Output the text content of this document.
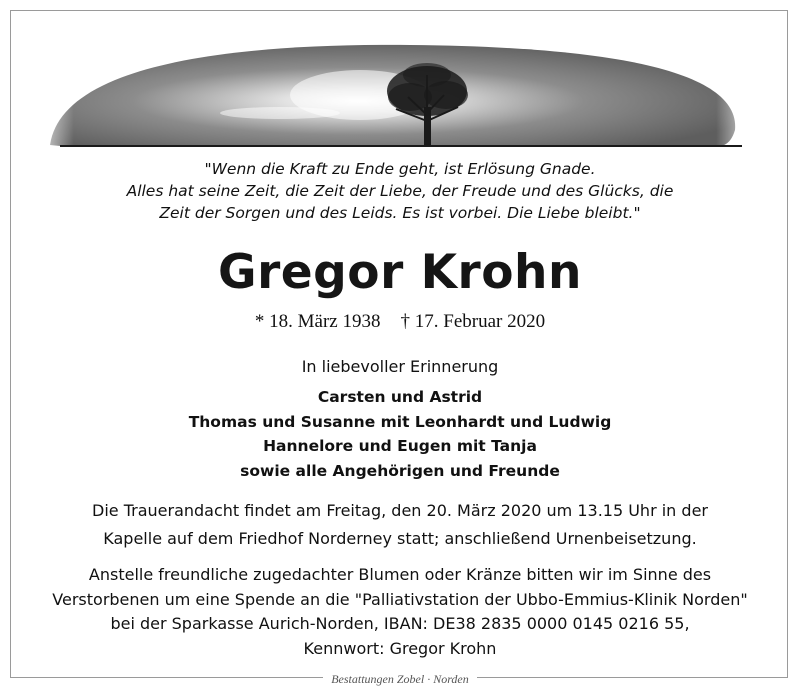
"Wenn die Kraft zu Ende geht, ist Erlösung Gnade.
Alles hat seine Zeit, die Zeit der Liebe, der Freude und des Glücks, die
Zeit der Sorgen und des Leids. Es ist vorbei. Die Liebe bleibt."
Gregor Krohn
* 18. März 1938 † 17. Februar 2020
In liebevoller Erinnerung
Carsten und Astrid
Thomas und Susanne mit Leonhardt und Ludwig
Hannelore und Eugen mit Tanja
sowie alle Angehörigen und Freunde
Die Trauerandacht findet am Freitag, den 20. März 2020 um 13.15 Uhr in der
Kapelle auf dem Friedhof Norderney statt; anschließend Urnenbeisetzung.
Anstelle freundliche zugedachter Blumen oder Kränze bitten wir im Sinne des
Verstorbenen um eine Spende an die "Palliativstation der Ubbo-Emmius-Klinik Norden"
bei der Sparkasse Aurich-Norden, IBAN: DE38 2835 0000 0145 0216 55,
Kennwort: Gregor Krohn
Bestattungen Zobel · Norden
